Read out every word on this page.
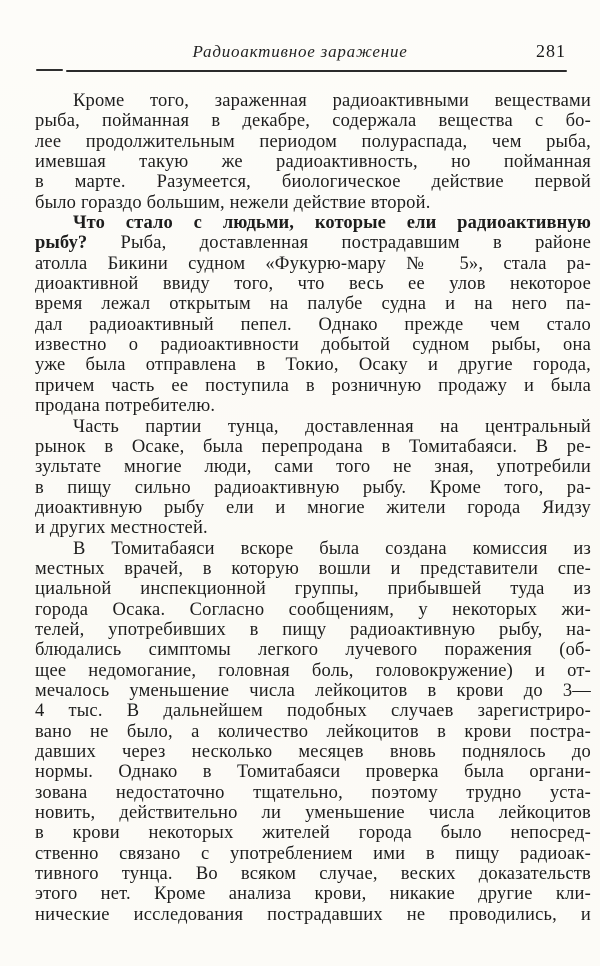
Радиоактивное заражение	281
Кроме того, зараженная радиоактивными веществами
рыба, пойманная в декабре, содержала вещества с бо-
лее продолжительным периодом полураспада, чем рыба,
имевшая такую же радиоактивность, но пойманная
в марте. Разумеется, биологическое действие первой
было гораздо большим, нежели действие второй.
Что стало с людьми, которые ели радиоактивную
рыбу? Рыба, доставленная пострадавшим в районе
атолла Бикини судном «Фукурю-мару № 5», стала ра-
диоактивной ввиду того, что весь ее улов некоторое
время лежал открытым на палубе судна и на него па-
дал радиоактивный пепел. Однако прежде чем стало
известно о радиоактивности добытой судном рыбы, она
уже была отправлена в Токио, Осаку и другие города,
причем часть ее поступила в розничную продажу и была
продана потребителю.
Часть партии тунца, доставленная на центральный
рынок в Осаке, была перепродана в Томитабаяси. В ре-
зультате многие люди, сами того не зная, употребили
в пищу сильно радиоактивную рыбу. Кроме того, ра-
диоактивную рыбу ели и многие жители города Яидзу
и других местностей.
В Томитабаяси вскоре была создана комиссия из
местных врачей, в которую вошли и представители спе-
циальной инспекционной группы, прибывшей туда из
города Осака. Согласно сообщениям, у некоторых жи-
телей, употребивших в пищу радиоактивную рыбу, на-
блюдались симптомы легкого лучевого поражения (об-
щее недомогание, головная боль, головокружение) и от-
мечалось уменьшение числа лейкоцитов в крови до 3—
4 тыс. В дальнейшем подобных случаев зарегистриро-
вано не было, а количество лейкоцитов в крови постра-
давших через несколько месяцев вновь поднялось до
нормы. Однако в Томитабаяси проверка была органи-
зована недостаточно тщательно, поэтому трудно уста-
новить, действительно ли уменьшение числа лейкоцитов
в крови некоторых жителей города было непосред-
ственно связано с употреблением ими в пищу радиоак-
тивного тунца. Во всяком случае, веских доказательств
этого нет. Кроме анализа крови, никакие другие кли-
нические исследования пострадавших не проводились, и
